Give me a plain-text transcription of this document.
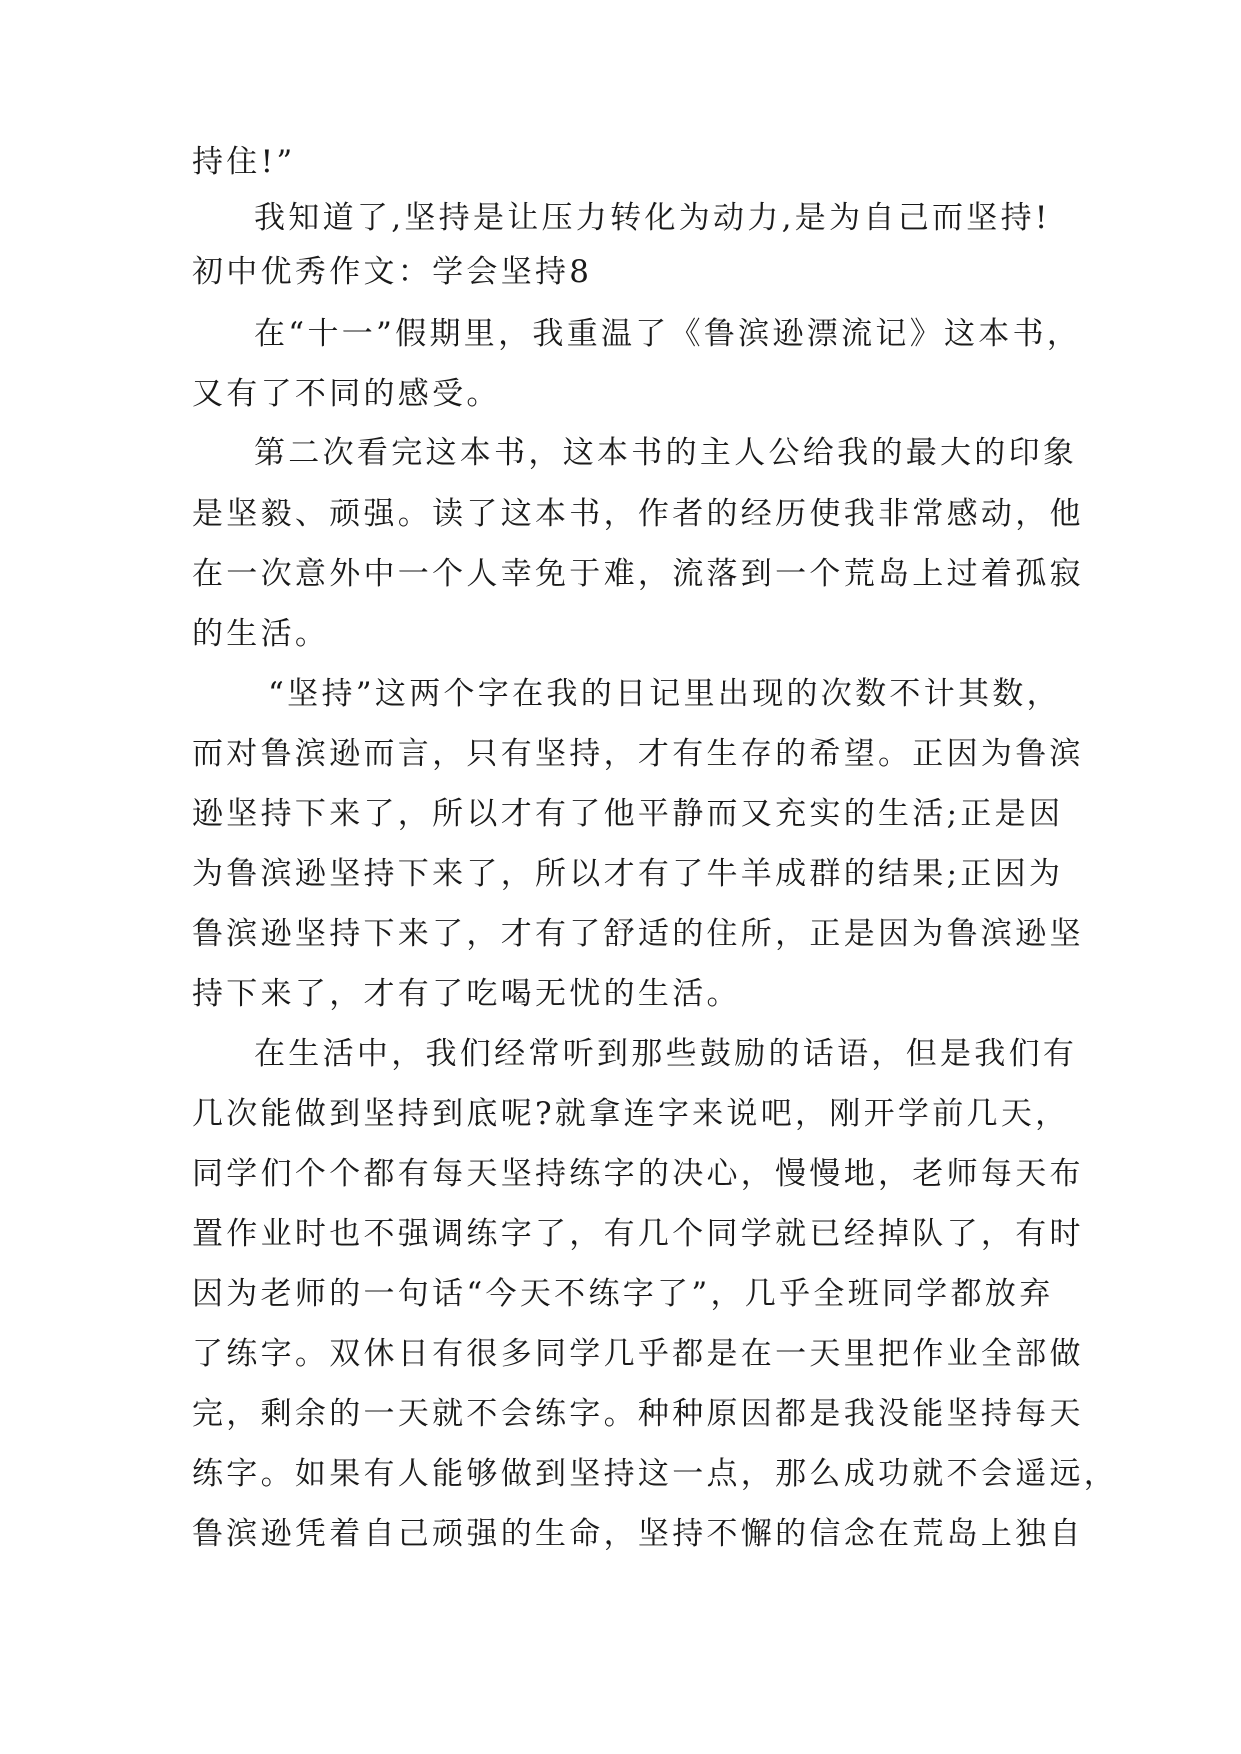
持住!”
我知道了,坚持是让压力转化为动力,是为自己而坚持!
初中优秀作文：学会坚持8
在“十一”假期里，我重温了《鲁滨逊漂流记》这本书，
又有了不同的感受。
第二次看完这本书，这本书的主人公给我的最大的印象
是坚毅、顽强。读了这本书，作者的经历使我非常感动，他
在一次意外中一个人幸免于难，流落到一个荒岛上过着孤寂
的生活。
“坚持”这两个字在我的日记里出现的次数不计其数，
而对鲁滨逊而言，只有坚持，才有生存的希望。正因为鲁滨
逊坚持下来了，所以才有了他平静而又充实的生活;正是因
为鲁滨逊坚持下来了，所以才有了牛羊成群的结果;正因为
鲁滨逊坚持下来了，才有了舒适的住所，正是因为鲁滨逊坚
持下来了，才有了吃喝无忧的生活。
在生活中，我们经常听到那些鼓励的话语，但是我们有
几次能做到坚持到底呢?就拿连字来说吧，刚开学前几天，
同学们个个都有每天坚持练字的决心，慢慢地，老师每天布
置作业时也不强调练字了，有几个同学就已经掉队了，有时
因为老师的一句话“今天不练字了”，几乎全班同学都放弃
了练字。双休日有很多同学几乎都是在一天里把作业全部做
完，剩余的一天就不会练字。种种原因都是我没能坚持每天
练字。如果有人能够做到坚持这一点，那么成功就不会遥远，
鲁滨逊凭着自己顽强的生命，坚持不懈的信念在荒岛上独自
